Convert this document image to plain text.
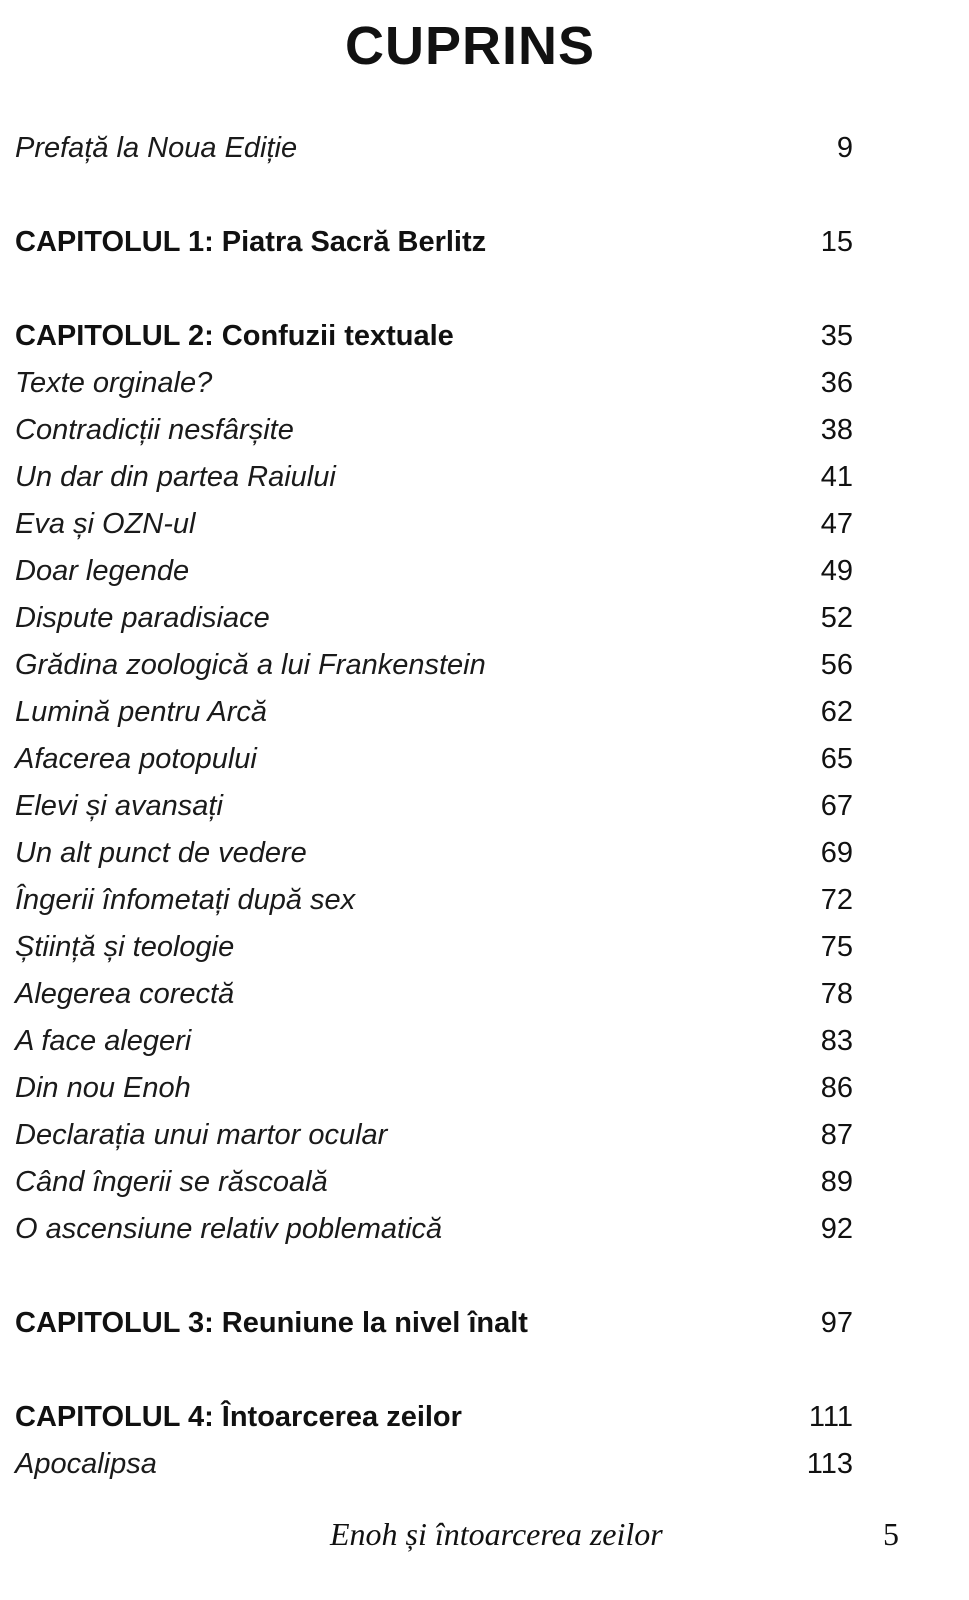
CUPRINS
Prefață la Noua Ediție	9
CAPITOLUL 1: Piatra Sacră Berlitz	15
CAPITOLUL 2: Confuzii textuale	35
Texte orginale?	36
Contradicții nesfârșite	38
Un dar din partea Raiului	41
Eva și OZN-ul	47
Doar legende	49
Dispute paradisiace	52
Grădina zoologică a lui Frankenstein	56
Lumină pentru Arcă	62
Afacerea potopului	65
Elevi și avansați	67
Un alt punct de vedere	69
Îngerii înfometați după sex	72
Știință și teologie	75
Alegerea corectă	78
A face alegeri	83
Din nou Enoh	86
Declarația unui martor ocular	87
Când îngerii se răscoală	89
O ascensiune relativ poblematică	92
CAPITOLUL 3: Reuniune la nivel înalt	97
CAPITOLUL 4: Întoarcerea zeilor	111
Apocalipsa	113
Enoh și întoarcerea zeilor	5
